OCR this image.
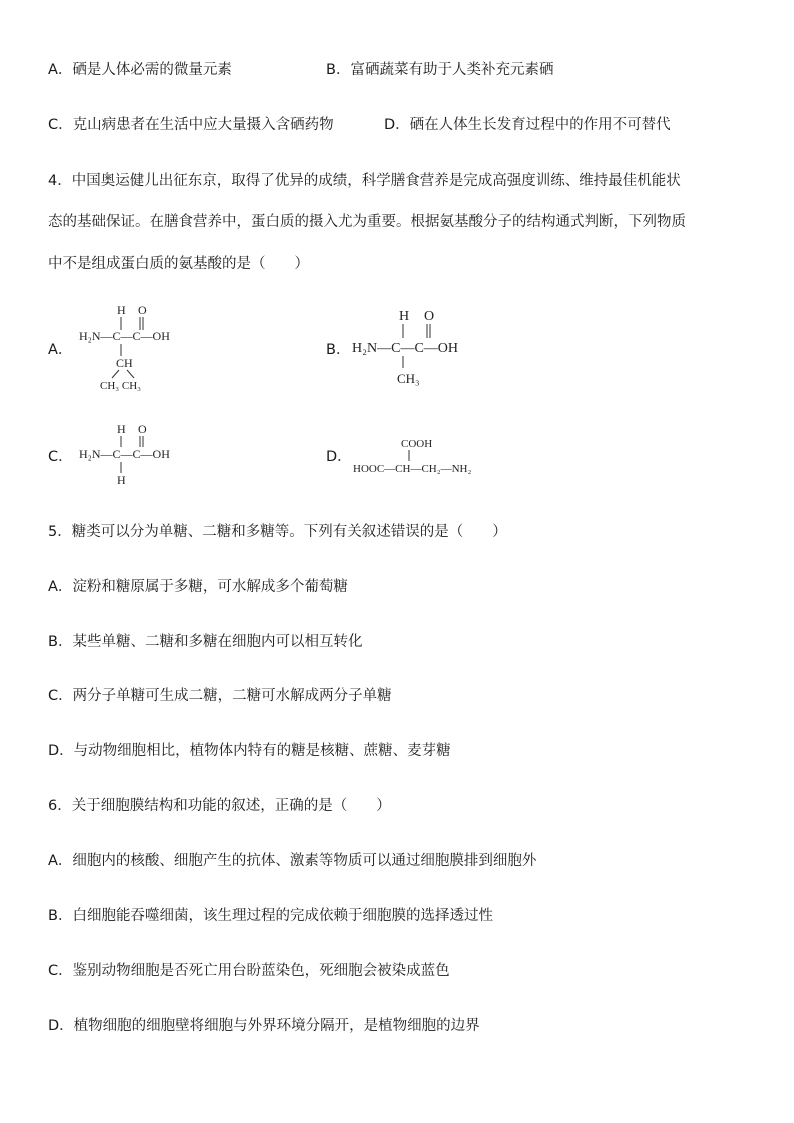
A．硒是人体必需的微量元素	B．富硒蔬菜有助于人类补充元素硒
C．克山病患者在生活中应大量摄入含硒药物	D．硒在人体生长发育过程中的作用不可替代
4．中国奥运健儿出征东京，取得了优异的成绩，科学膳食营养是完成高强度训练、维持最佳机能状
态的基础保证。在膳食营养中，蛋白质的摄入尤为重要。根据氨基酸分子的结构通式判断，下列物质
中不是组成蛋白质的氨基酸的是（　　）
A．
H O
H₂N—C—C—OH
CH
CH₃ CH₃
B．
H O
H₂N—C—C—OH
CH₃
C．
H O
H₂N—C—C—OH
H
D．
COOH
HOOC—CH—CH₂—NH₂
5．糖类可以分为单糖、二糖和多糖等。下列有关叙述错误的是（　　）
A．淀粉和糖原属于多糖，可水解成多个葡萄糖
B．某些单糖、二糖和多糖在细胞内可以相互转化
C．两分子单糖可生成二糖，二糖可水解成两分子单糖
D．与动物细胞相比，植物体内特有的糖是核糖、蔗糖、麦芽糖
6．关于细胞膜结构和功能的叙述，正确的是（　　）
A．细胞内的核酸、细胞产生的抗体、激素等物质可以通过细胞膜排到细胞外
B．白细胞能吞噬细菌，该生理过程的完成依赖于细胞膜的选择透过性
C．鉴别动物细胞是否死亡用台盼蓝染色，死细胞会被染成蓝色
D．植物细胞的细胞壁将细胞与外界环境分隔开，是植物细胞的边界
